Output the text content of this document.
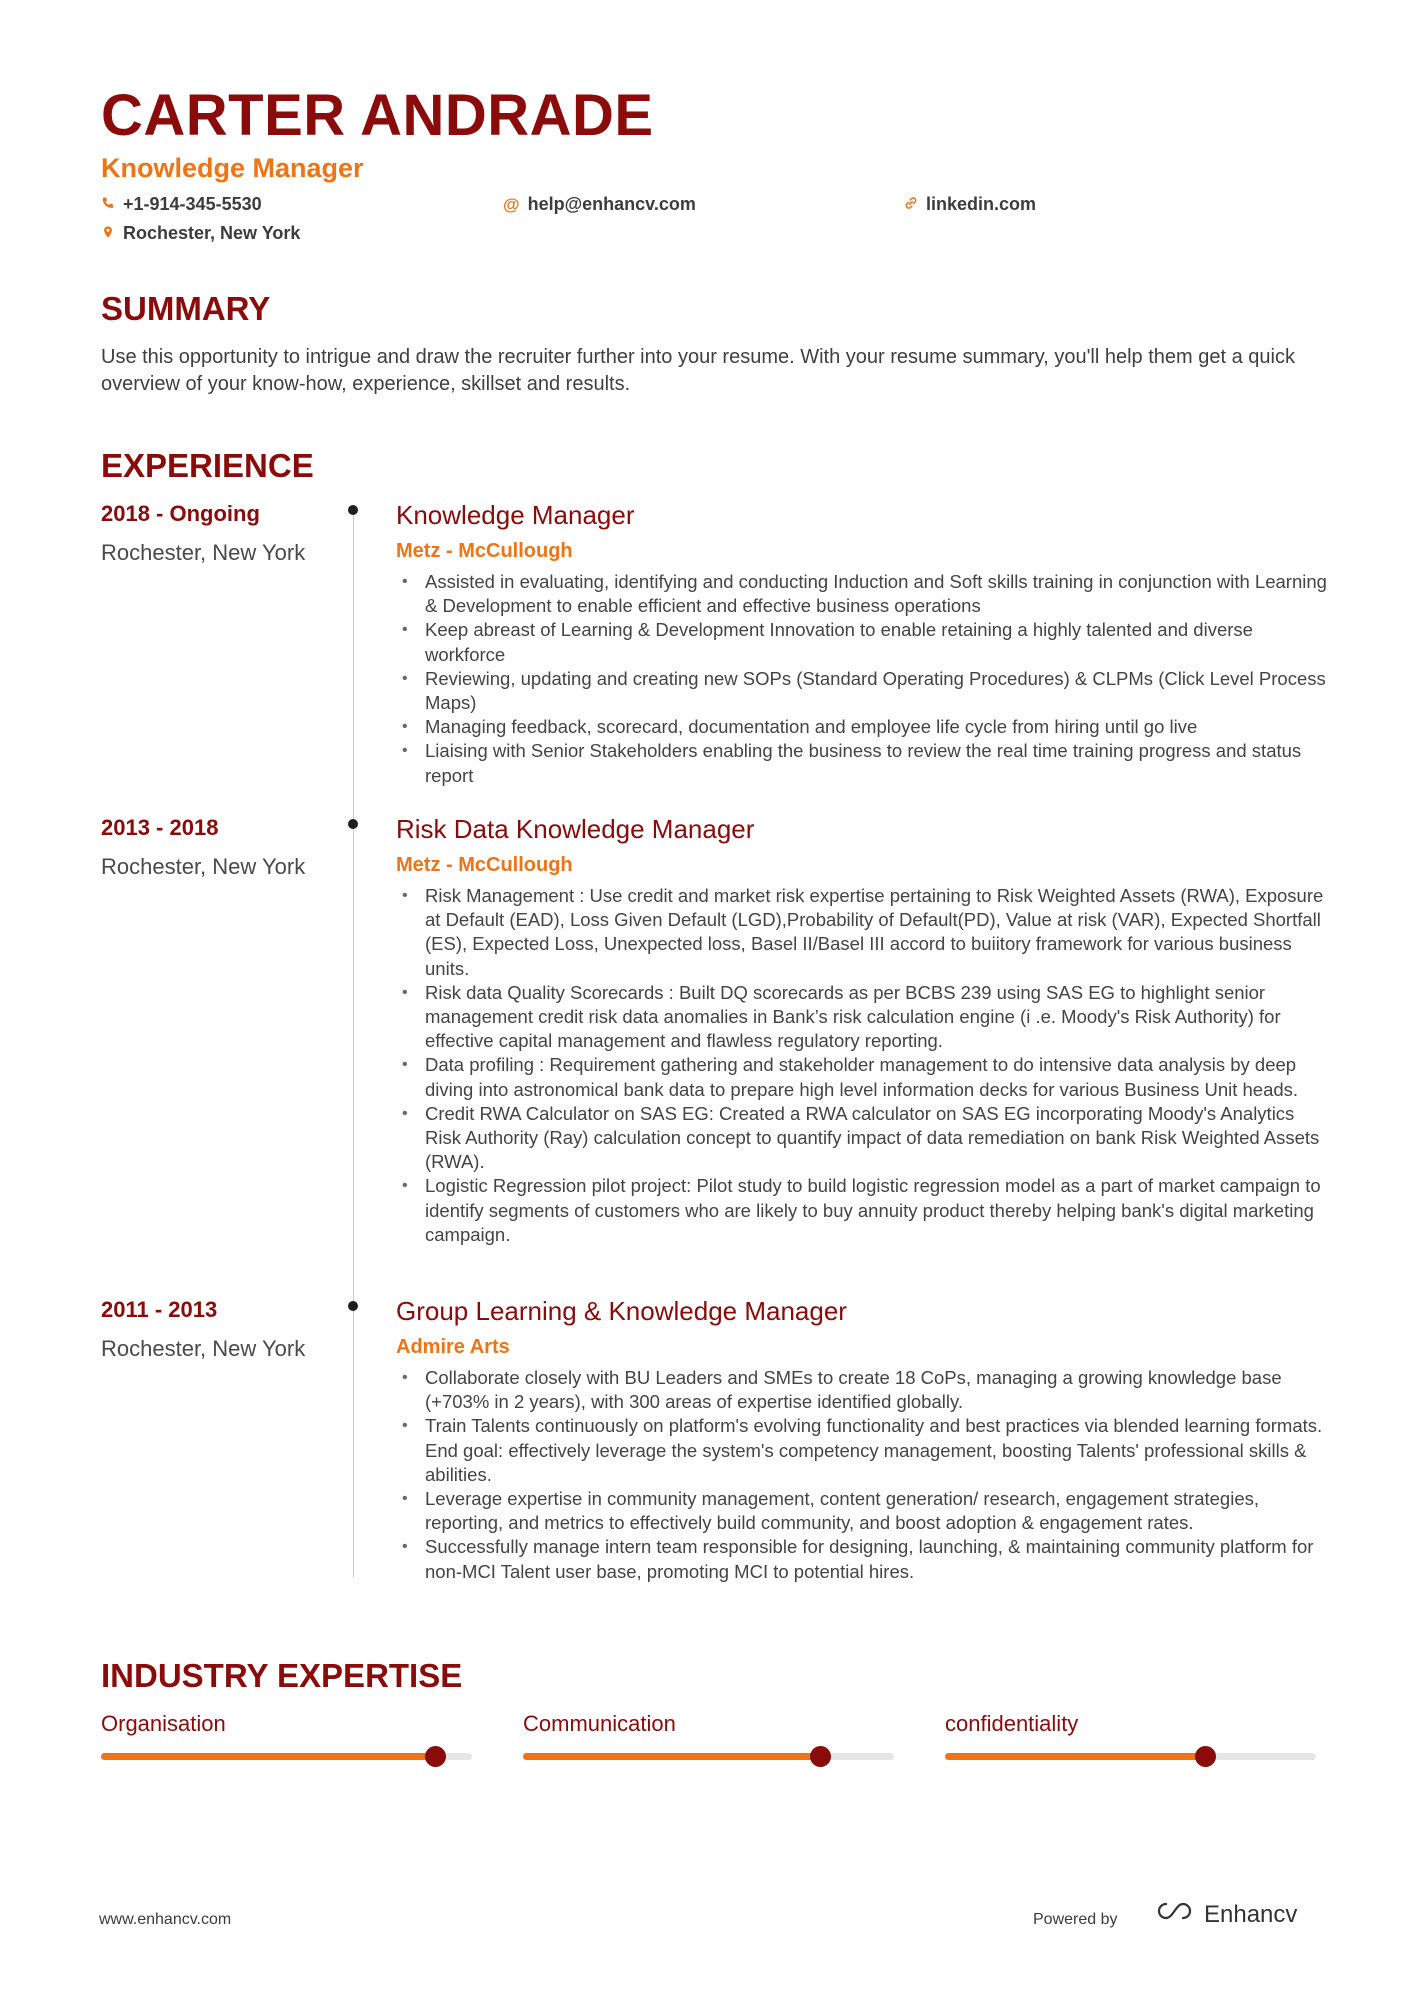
CARTER ANDRADE
Knowledge Manager
+1-914-345-5530	@ help@enhancv.com	linkedin.com
Rochester, New York
SUMMARY
Use this opportunity to intrigue and draw the recruiter further into your resume. With your resume summary, you'll help them get a quick overview of your know-how, experience, skillset and results.
EXPERIENCE
2018 - Ongoing
Rochester, New York
Knowledge Manager
Metz - McCullough
• Assisted in evaluating, identifying and conducting Induction and Soft skills training in conjunction with Learning & Development to enable efficient and effective business operations
• Keep abreast of Learning & Development Innovation to enable retaining a highly talented and diverse workforce
• Reviewing, updating and creating new SOPs (Standard Operating Procedures) & CLPMs (Click Level Process Maps)
• Managing feedback, scorecard, documentation and employee life cycle from hiring until go live
• Liaising with Senior Stakeholders enabling the business to review the real time training progress and status report
2013 - 2018
Rochester, New York
Risk Data Knowledge Manager
Metz - McCullough
• Risk Management : Use credit and market risk expertise pertaining to Risk Weighted Assets (RWA), Exposure at Default (EAD), Loss Given Default (LGD),Probability of Default(PD), Value at risk (VAR), Expected Shortfall (ES), Expected Loss, Unexpected loss, Basel II/Basel III accord to buiitory framework for various business units.
• Risk data Quality Scorecards : Built DQ scorecards as per BCBS 239 using SAS EG to highlight senior management credit risk data anomalies in Bank’s risk calculation engine (i .e. Moody's Risk Authority) for effective capital management and flawless regulatory reporting.
• Data profiling : Requirement gathering and stakeholder management to do intensive data analysis by deep diving into astronomical bank data to prepare high level information decks for various Business Unit heads.
• Credit RWA Calculator on SAS EG: Created a RWA calculator on SAS EG incorporating Moody's Analytics Risk Authority (Ray) calculation concept to quantify impact of data remediation on bank Risk Weighted Assets (RWA).
• Logistic Regression pilot project: Pilot study to build logistic regression model as a part of market campaign to identify segments of customers who are likely to buy annuity product thereby helping bank's digital marketing campaign.
2011 - 2013
Rochester, New York
Group Learning & Knowledge Manager
Admire Arts
• Collaborate closely with BU Leaders and SMEs to create 18 CoPs, managing a growing knowledge base (+703% in 2 years), with 300 areas of expertise identified globally.
• Train Talents continuously on platform's evolving functionality and best practices via blended learning formats. End goal: effectively leverage the system's competency management, boosting Talents' professional skills & abilities.
• Leverage expertise in community management, content generation/ research, engagement strategies, reporting, and metrics to effectively build community, and boost adoption & engagement rates.
• Successfully manage intern team responsible for designing, launching, & maintaining community platform for non-MCI Talent user base, promoting MCI to potential hires.
INDUSTRY EXPERTISE
Organisation	Communication	confidentiality
www.enhancv.com	Powered by	Enhancv
